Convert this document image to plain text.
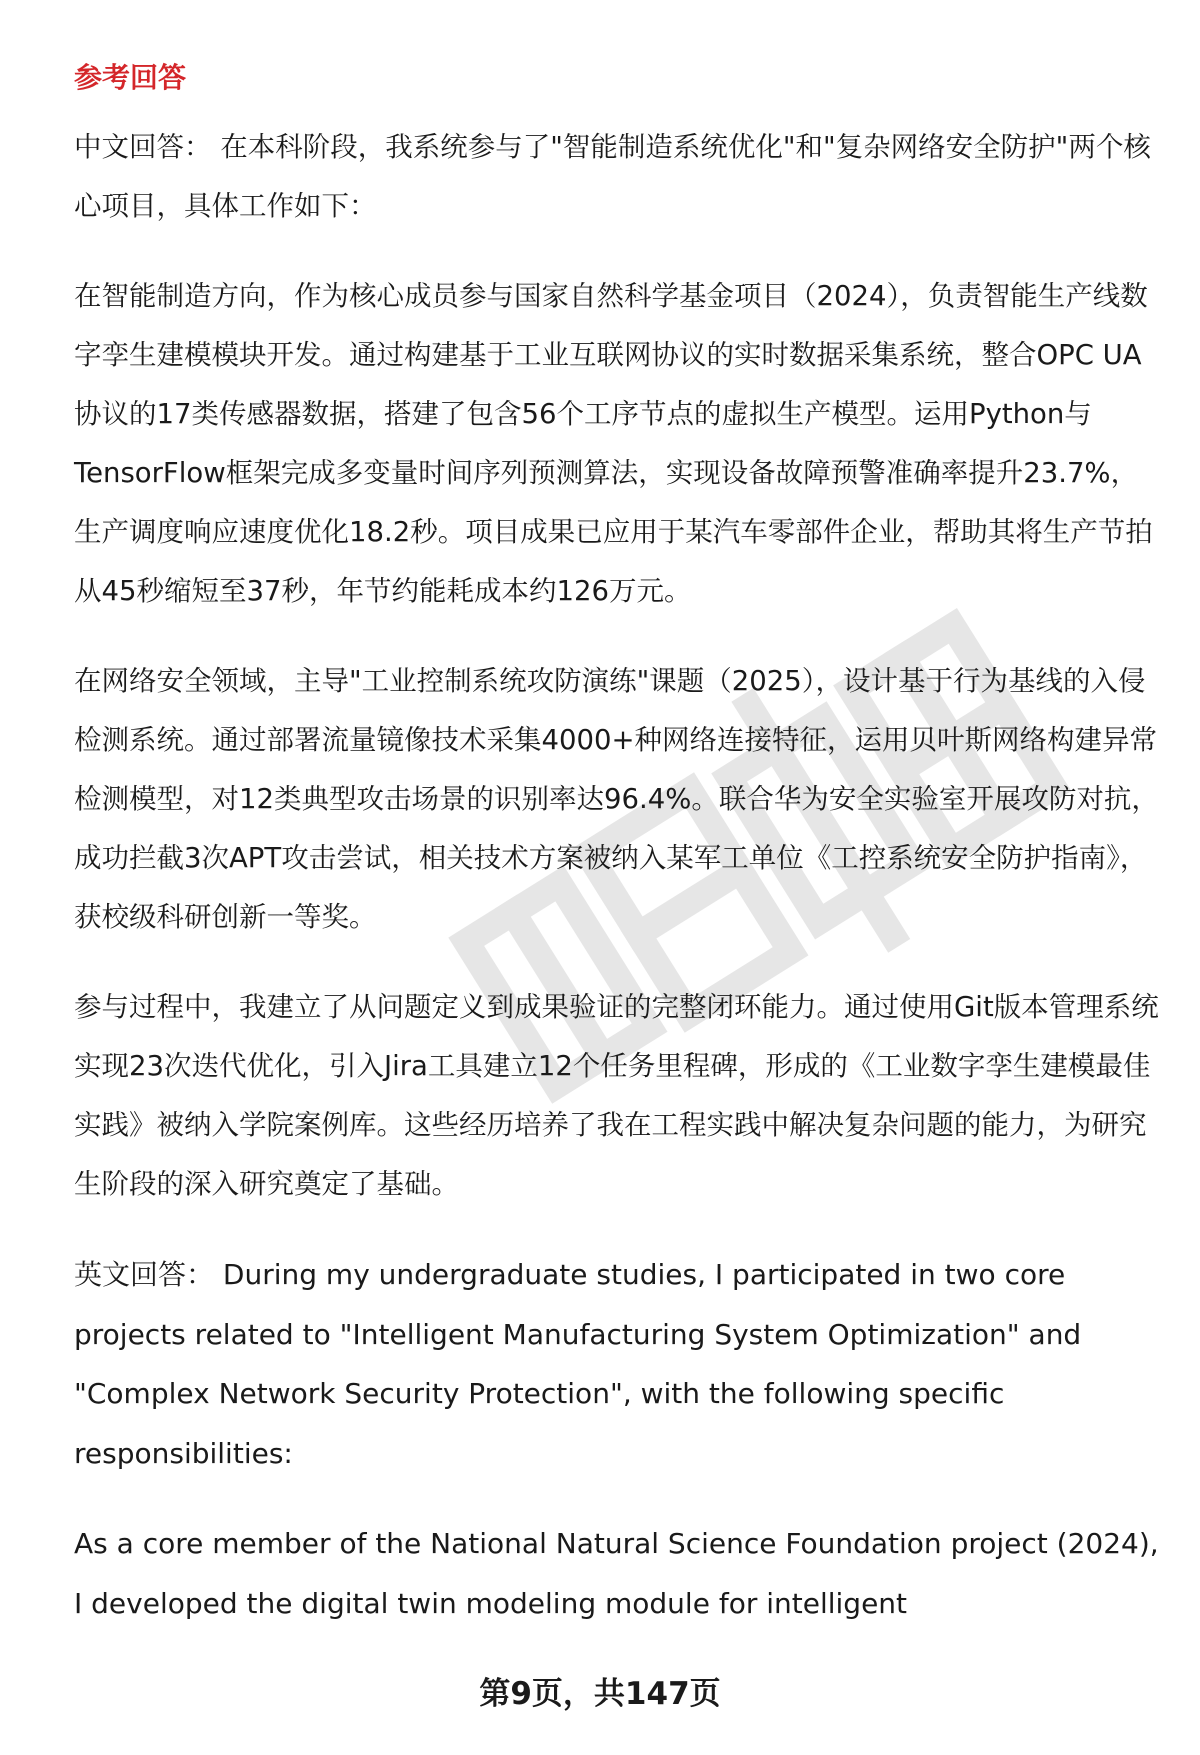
参考回答

中文回答： 在本科阶段，我系统参与了"智能制造系统优化"和"复杂网络安全防护"两个核心项目，具体工作如下：

在智能制造方向，作为核心成员参与国家自然科学基金项目（2024），负责智能生产线数字孪生建模模块开发。通过构建基于工业互联网协议的实时数据采集系统，整合OPC UA协议的17类传感器数据，搭建了包含56个工序节点的虚拟生产模型。运用Python与TensorFlow框架完成多变量时间序列预测算法，实现设备故障预警准确率提升23.7%，生产调度响应速度优化18.2秒。项目成果已应用于某汽车零部件企业，帮助其将生产节拍从45秒缩短至37秒，年节约能耗成本约126万元。

在网络安全领域，主导"工业控制系统攻防演练"课题（2025），设计基于行为基线的入侵检测系统。通过部署流量镜像技术采集4000+种网络连接特征，运用贝叶斯网络构建异常检测模型，对12类典型攻击场景的识别率达96.4%。联合华为安全实验室开展攻防对抗，成功拦截3次APT攻击尝试，相关技术方案被纳入某军工单位《工控系统安全防护指南》，获校级科研创新一等奖。

参与过程中，我建立了从问题定义到成果验证的完整闭环能力。通过使用Git版本管理系统实现23次迭代优化，引入Jira工具建立12个任务里程碑，形成的《工业数字孪生建模最佳实践》被纳入学院案例库。这些经历培养了我在工程实践中解决复杂问题的能力，为研究生阶段的深入研究奠定了基础。

英文回答： During my undergraduate studies, I participated in two core projects related to "Intelligent Manufacturing System Optimization" and "Complex Network Security Protection", with the following specific responsibilities:

As a core member of the National Natural Science Foundation project (2024), I developed the digital twin modeling module for intelligent

第9页，共147页
